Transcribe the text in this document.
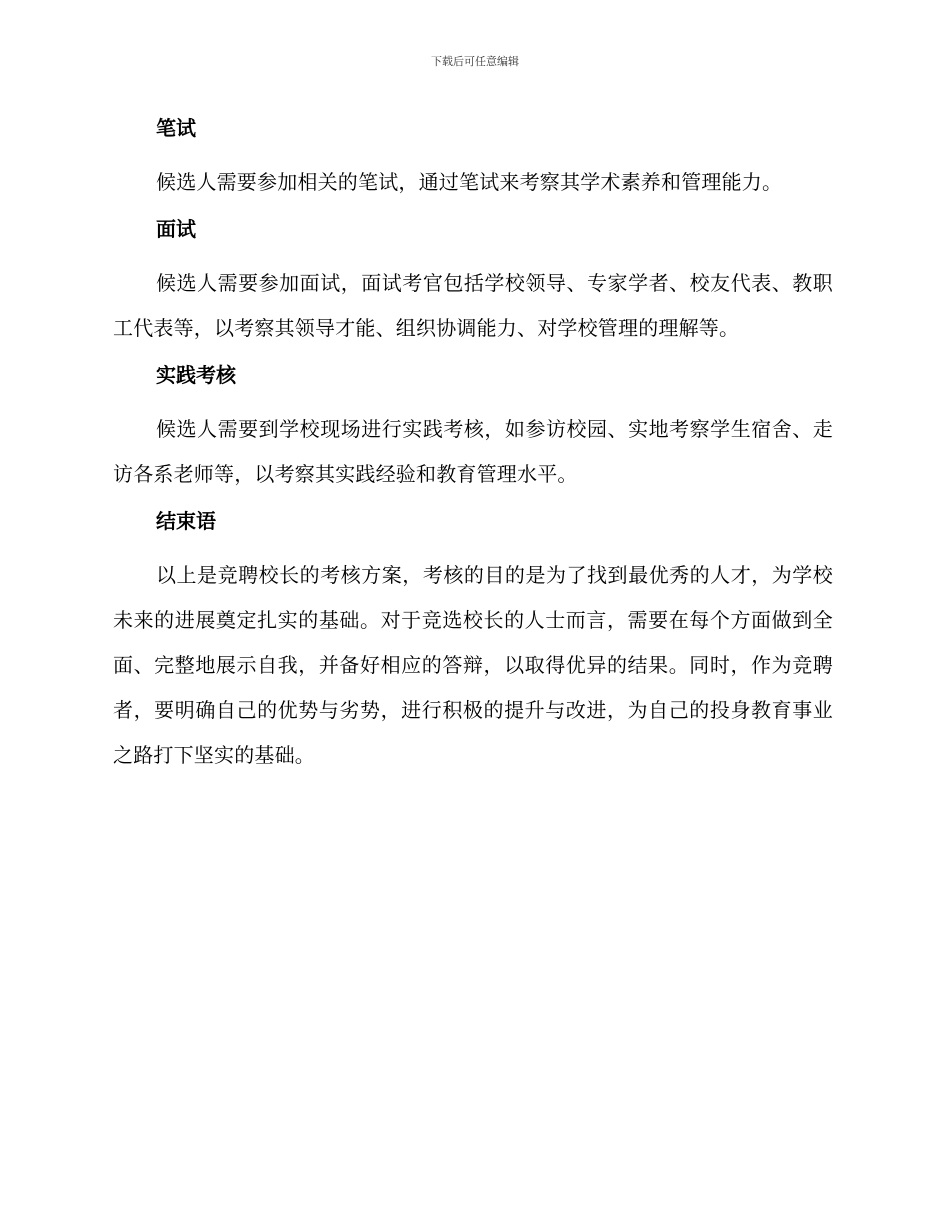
下载后可任意编辑
笔试

候选人需要参加相关的笔试，通过笔试来考察其学术素养和管理能力。

面试

候选人需要参加面试，面试考官包括学校领导、专家学者、校友代表、教职工代表等，以考察其领导才能、组织协调能力、对学校管理的理解等。

实践考核

候选人需要到学校现场进行实践考核，如参访校园、实地考察学生宿舍、走访各系老师等，以考察其实践经验和教育管理水平。

结束语

以上是竞聘校长的考核方案，考核的目的是为了找到最优秀的人才，为学校未来的进展奠定扎实的基础。对于竞选校长的人士而言，需要在每个方面做到全面、完整地展示自我，并备好相应的答辩，以取得优异的结果。同时，作为竞聘者，要明确自己的优势与劣势，进行积极的提升与改进，为自己的投身教育事业之路打下坚实的基础。
